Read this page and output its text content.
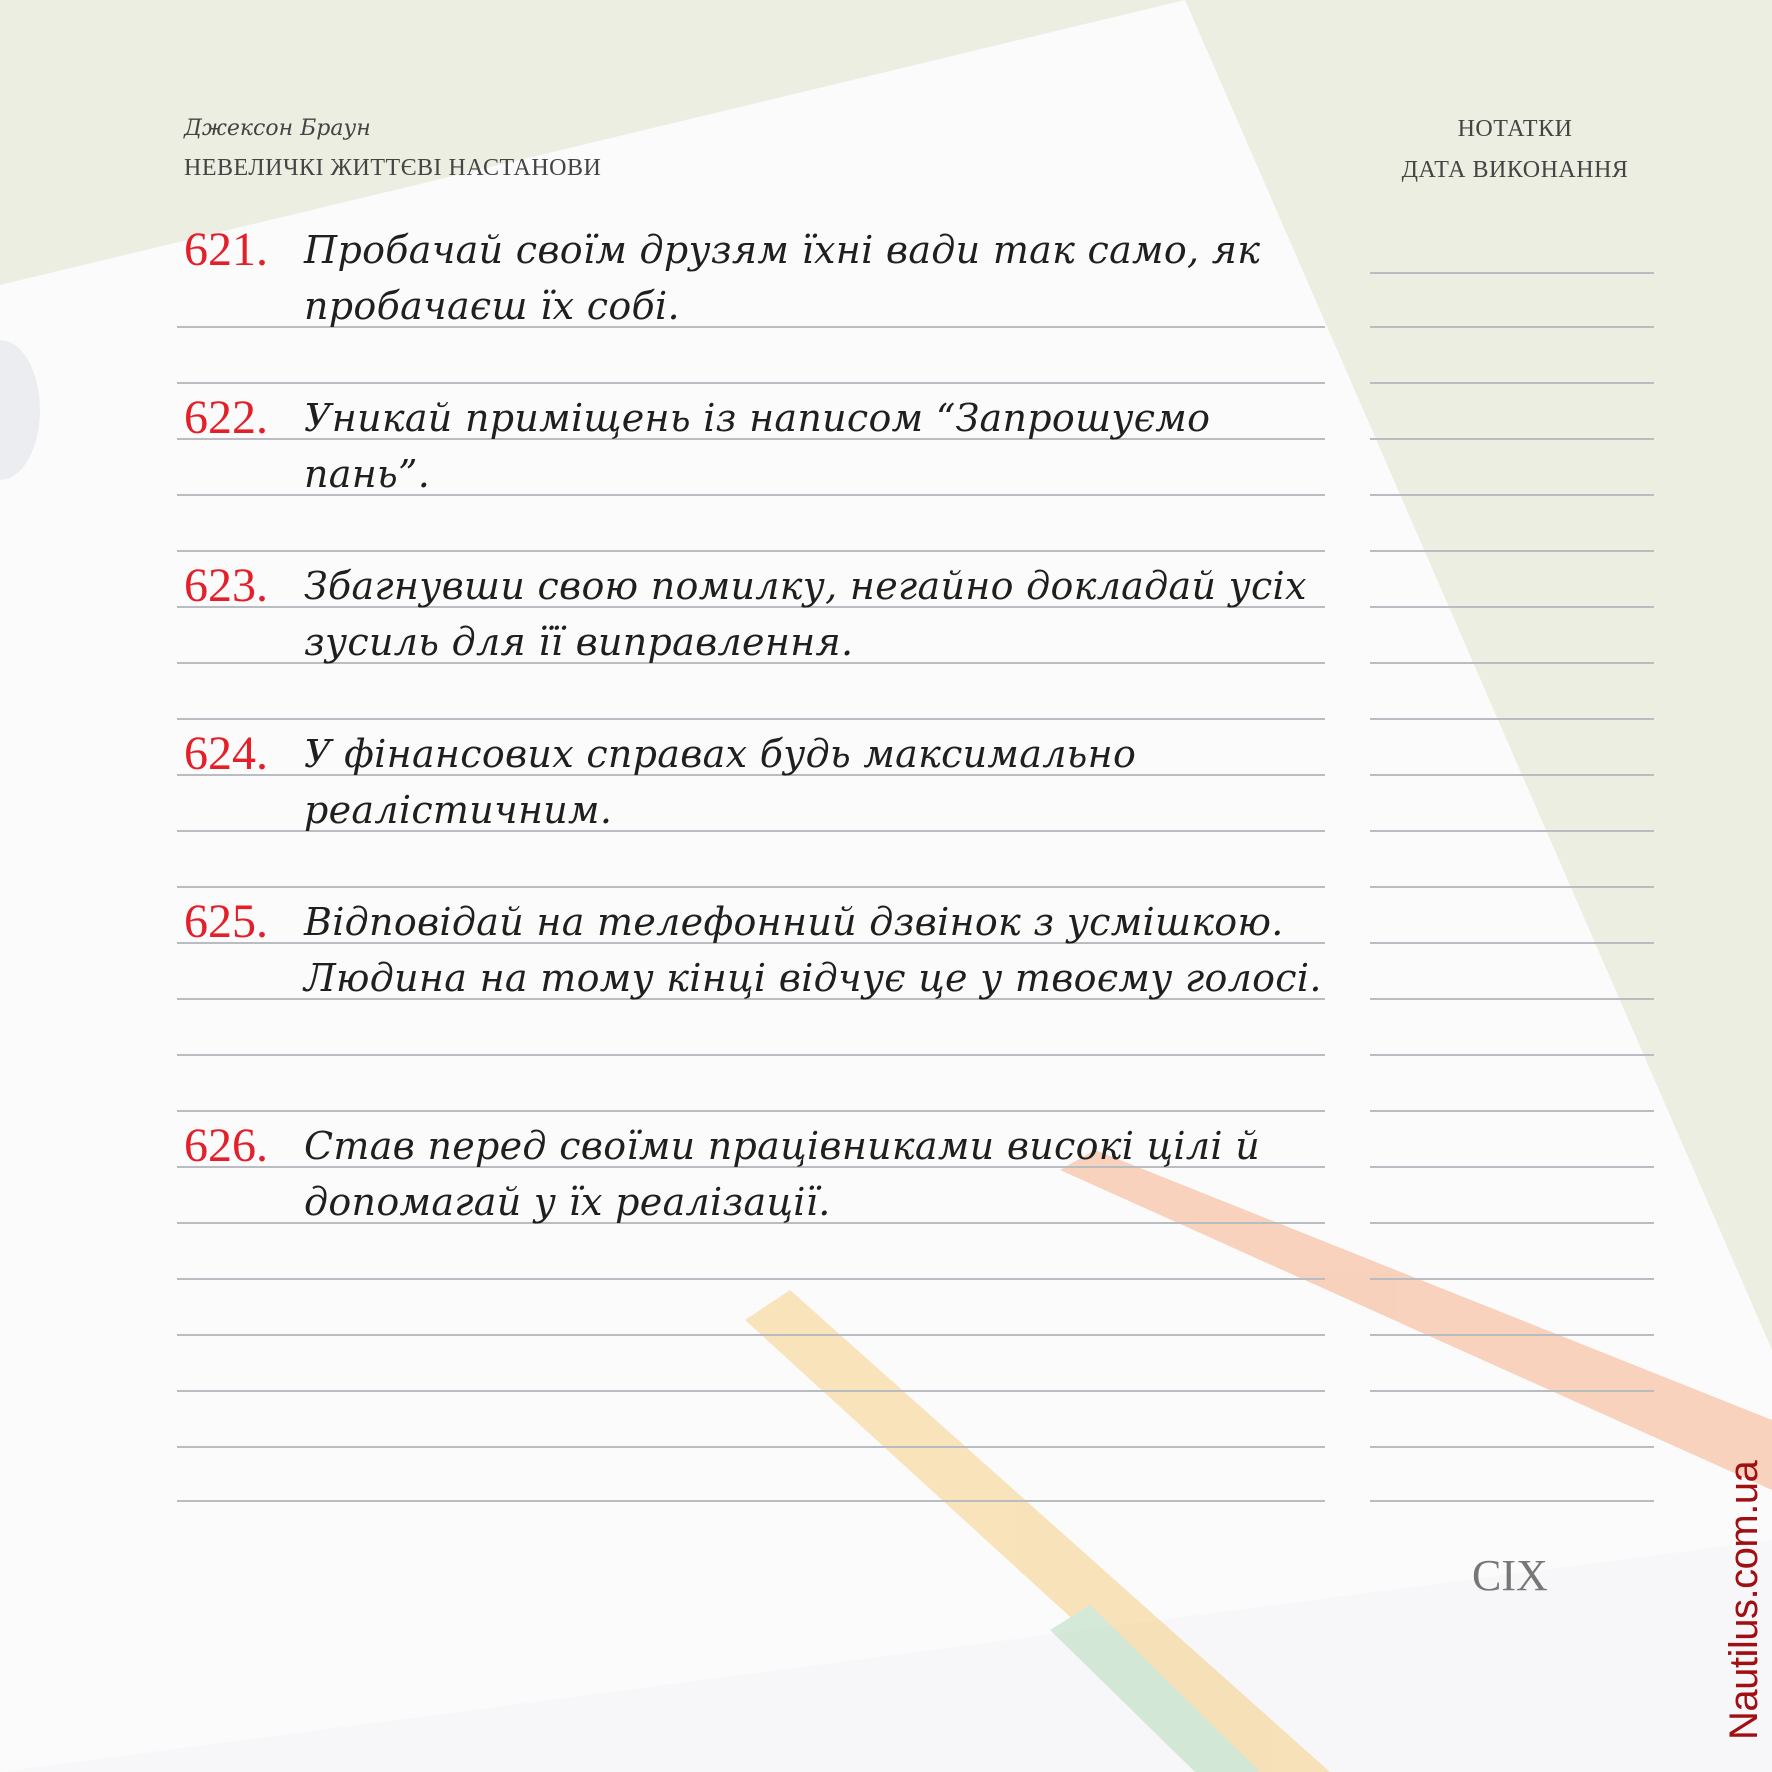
Джексон Браун
НЕВЕЛИЧКІ ЖИТТЄВІ НАСТАНОВИ
НОТАТКИ
ДАТА ВИКОНАННЯ
621. Пробачай своїм друзям їхні вади так само, як пробачаєш їх собі.
622. Уникай приміщень із написом “Запрошуємо пань”.
623. Збагнувши свою помилку, негайно докладай усіх зусиль для її виправлення.
624. У фінансових справах будь максимально реалістичним.
625. Відповідай на телефонний дзвінок з усмішкою. Людина на тому кінці відчує це у твоєму голосі.
626. Став перед своїми працівниками високі цілі й допомагай у їх реалізації.
CIX	Nautilus.com.ua
